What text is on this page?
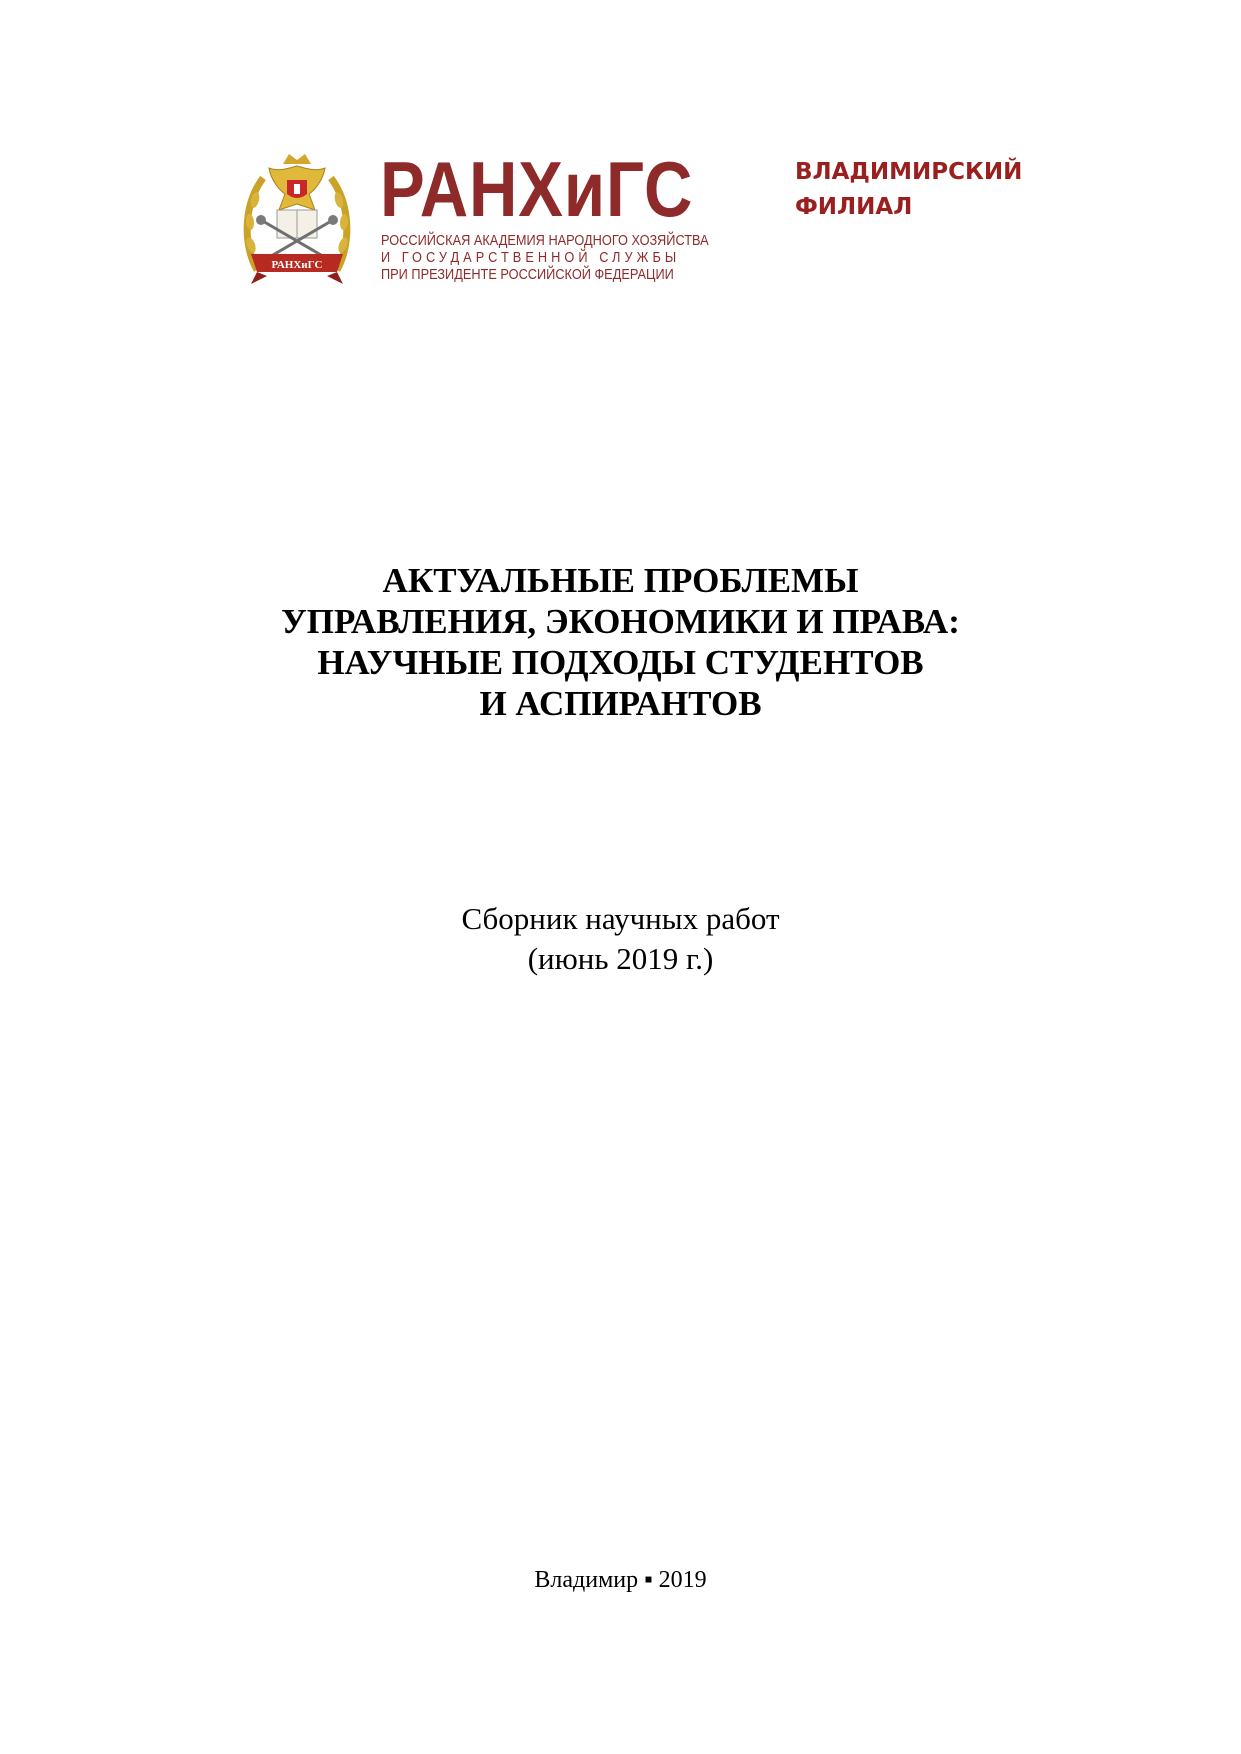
РАНХиГС
РАНХиГС
РОССИЙСКАЯ АКАДЕМИЯ НАРОДНОГО ХОЗЯЙСТВА
И ГОСУДАРСТВЕННОЙ СЛУЖБЫ
ПРИ ПРЕЗИДЕНТЕ РОССИЙСКОЙ ФЕДЕРАЦИИ
ВЛАДИМИРСКИЙ
ФИЛИАЛ
АКТУАЛЬНЫЕ ПРОБЛЕМЫ
УПРАВЛЕНИЯ, ЭКОНОМИКИ И ПРАВА:
НАУЧНЫЕ ПОДХОДЫ СТУДЕНТОВ
И АСПИРАНТОВ
Сборник научных работ
(июнь 2019 г.)
Владимир ▪ 2019
